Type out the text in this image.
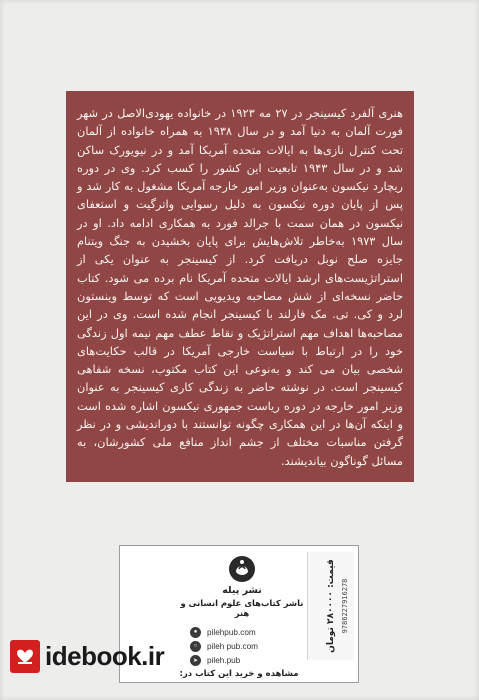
هنری آلفرد کیسینجر در ۲۷ مه ۱۹۲۳ در خانواده یهودی‌الاصل در شهر فورت آلمان به دنیا آمد و در سال ۱۹۳۸ به همراه خانواده از آلمان تحت کنترل نازی‌ها به ایالات متحده آمریکا آمد و در نیویورک ساکن شد و در سال ۱۹۴۳ تابعیت این کشور را کسب کرد. وی در دوره ریچارد نیکسون به‌عنوان وزیر امور خارجه آمریکا مشغول به کار شد و پس از پایان دوره نیکسون به دلیل رسوایی واترگیت و استعفای نیکسون در همان سمت با جرالد فورد به همکاری ادامه داد. او در سال ۱۹۷۳ به‌خاطر تلاش‌هایش برای پایان بخشیدن به جنگ ویتنام جایزه صلح نوبل دریافت کرد. از کیسینجر به عنوان یکی از استراتژیست‌های ارشد ایالات متحده آمریکا نام برده می شود. کتاب حاضر نسخه‌ای از شش مصاحبه ویدیویی است که توسط وینستون لرد و کی. تی. مک فارلند با کیسینجر انجام شده است. وی در این مصاحبه‌ها اهداف مهم استراتژیک و نقاط عطف مهم نیمه اول زندگی خود را در ارتباط با سیاست خارجی آمریکا در قالب حکایت‌های شخصی بیان می کند و به‌نوعی این کتاب مکتوب، نسخه شفاهی کیسینجر است. در نوشته حاضر به زندگی کاری کیسینجر به عنوان وزیر امور خارجه در دوره ریاست جمهوری نیکسون اشاره شده است و اینکه آن‌ها در این همکاری چگونه توانستند با دوراندیشی و در نظر گرفتن مناسبات مختلف از جشم انداز منافع ملی کشورشان، به مسائل گوناگون بیاندیشند.

قیمت: ۲۸۰۰۰۰ تومان
9786227916278
نشر پیله
ناشر کتاب‌های علوم انسانی و هنر
●	pilehpub.com
○	pileh pub.com
➤	pileh.pub
مشاهده و خرید این کتاب در:
idebook.ir
